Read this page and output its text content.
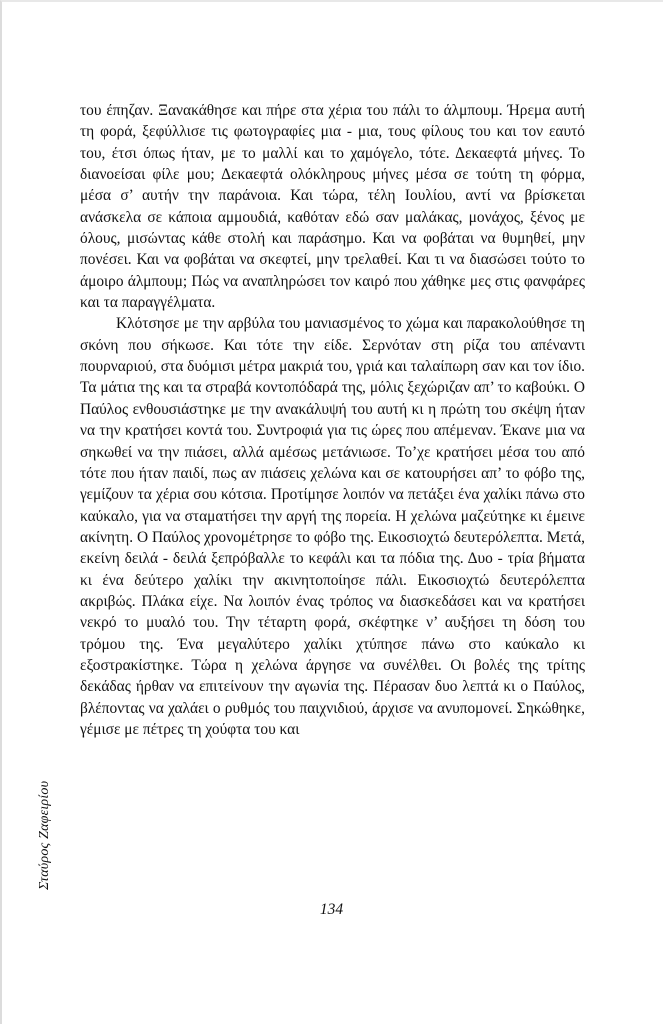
του έπηζαν. Ξανακάθησε και πήρε στα χέρια του πάλι το άλμπουμ. Ήρεμα αυτή τη φορά, ξεφύλλισε τις φωτογραφίες μια - μια, τους φίλους του και τον εαυτό του, έτσι όπως ήταν, με το μαλλί και το χαμόγελο, τότε. Δεκαεφτά μήνες. Το διανοείσαι φίλε μου; Δεκαεφτά ολόκληρους μήνες μέσα σε τούτη τη φόρμα, μέσα σ’ αυτήν την παράνοια. Και τώρα, τέλη Ιουλίου, αντί να βρίσκεται ανάσκελα σε κάποια αμμουδιά, καθόταν εδώ σαν μαλάκας, μονάχος, ξένος με όλους, μισώντας κάθε στολή και παράσημο. Και να φοβάται να θυμηθεί, μην πονέσει. Και να φοβάται να σκεφτεί, μην τρελαθεί. Και τι να διασώσει τούτο το άμοιρο άλμπουμ; Πώς να αναπληρώσει τον καιρό που χάθηκε μες στις φανφάρες και τα παραγγέλματα.

Κλότσησε με την αρβύλα του μανιασμένος το χώμα και παρακολούθησε τη σκόνη που σήκωσε. Και τότε την είδε. Σερνόταν στη ρίζα του απέναντι πουρναριού, στα δυόμισι μέτρα μακριά του, γριά και ταλαίπωρη σαν και τον ίδιο. Τα μάτια της και τα στραβά κοντοπόδαρά της, μόλις ξεχώριζαν απ’ το καβούκι. Ο Παύλος ενθουσιάστηκε με την ανακάλυψή του αυτή κι η πρώτη του σκέψη ήταν να την κρατήσει κοντά του. Συντροφιά για τις ώρες που απέμεναν. Έκανε μια να σηκωθεί να την πιάσει, αλλά αμέσως μετάνιωσε. Το’χε κρατήσει μέσα του από τότε που ήταν παιδί, πως αν πιάσεις χελώνα και σε κατουρήσει απ’ το φόβο της, γεμίζουν τα χέρια σου κότσια. Προτίμησε λοιπόν να πετάξει ένα χαλίκι πάνω στο καύκαλο, για να σταματήσει την αργή της πορεία. Η χελώνα μαζεύτηκε κι έμεινε ακίνητη. Ο Παύλος χρονομέτρησε το φόβο της. Εικοσιοχτώ δευτερόλεπτα. Μετά, εκείνη δειλά - δειλά ξεπρόβαλλε το κεφάλι και τα πόδια της. Δυο - τρία βήματα κι ένα δεύτερο χαλίκι την ακινητοποίησε πάλι. Εικοσιοχτώ δευτερόλεπτα ακριβώς. Πλάκα είχε. Να λοιπόν ένας τρόπος να διασκεδάσει και να κρατήσει νεκρό το μυαλό του. Την τέταρτη φορά, σκέφτηκε ν’ αυξήσει τη δόση του τρόμου της. Ένα μεγαλύτερο χαλίκι χτύπησε πάνω στο καύκαλο κι εξοστρακίστηκε. Τώρα η χελώνα άργησε να συνέλθει. Οι βολές της τρίτης δεκάδας ήρθαν να επιτείνουν την αγωνία της. Πέρασαν δυο λεπτά κι ο Παύλος, βλέποντας να χαλάει ο ρυθμός του παιχνιδιού, άρχισε να ανυπομονεί. Σηκώθηκε, γέμισε με πέτρες τη χούφτα του και

Σταύρος Ζαφειρίου
134
